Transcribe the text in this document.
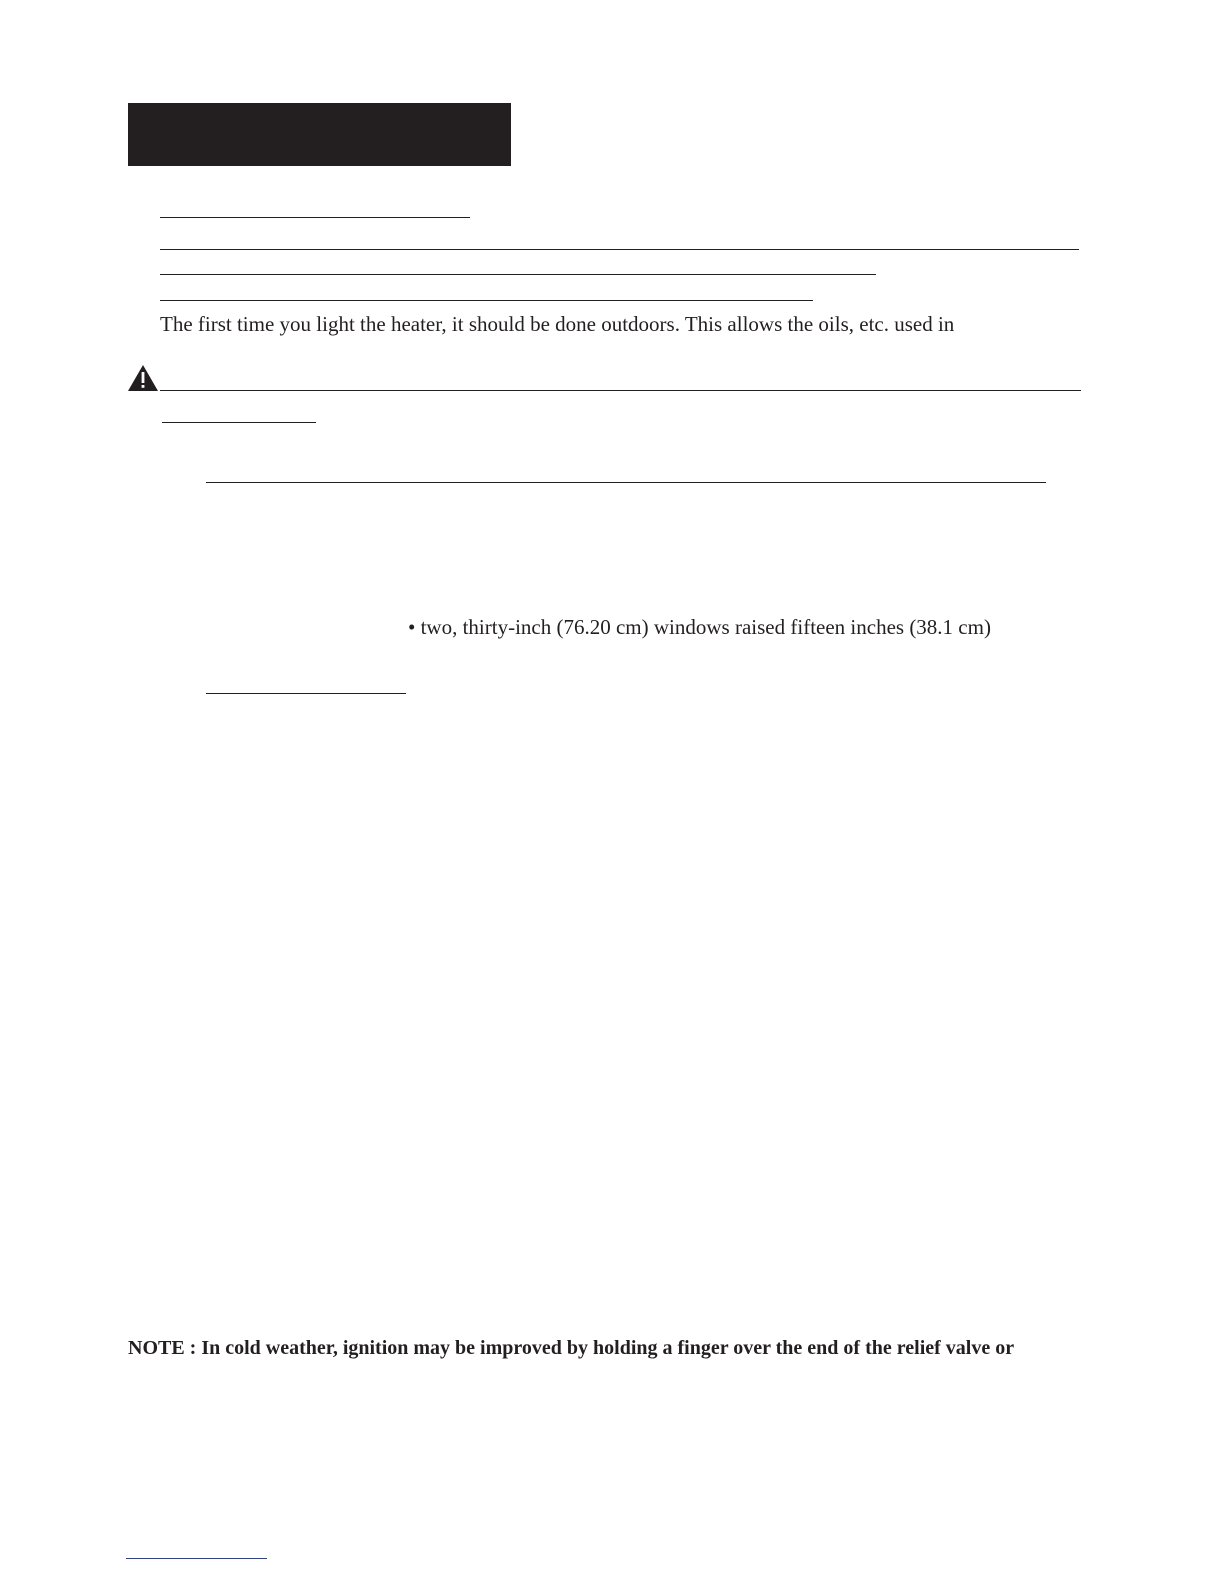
The first time you light the heater, it should be done outdoors. This allows the oils, etc. used in
• two, thirty-inch (76.20 cm) windows raised fifteen inches (38.1 cm)
NOTE : In cold weather, ignition may be improved by holding a finger over the end of the relief valve or
